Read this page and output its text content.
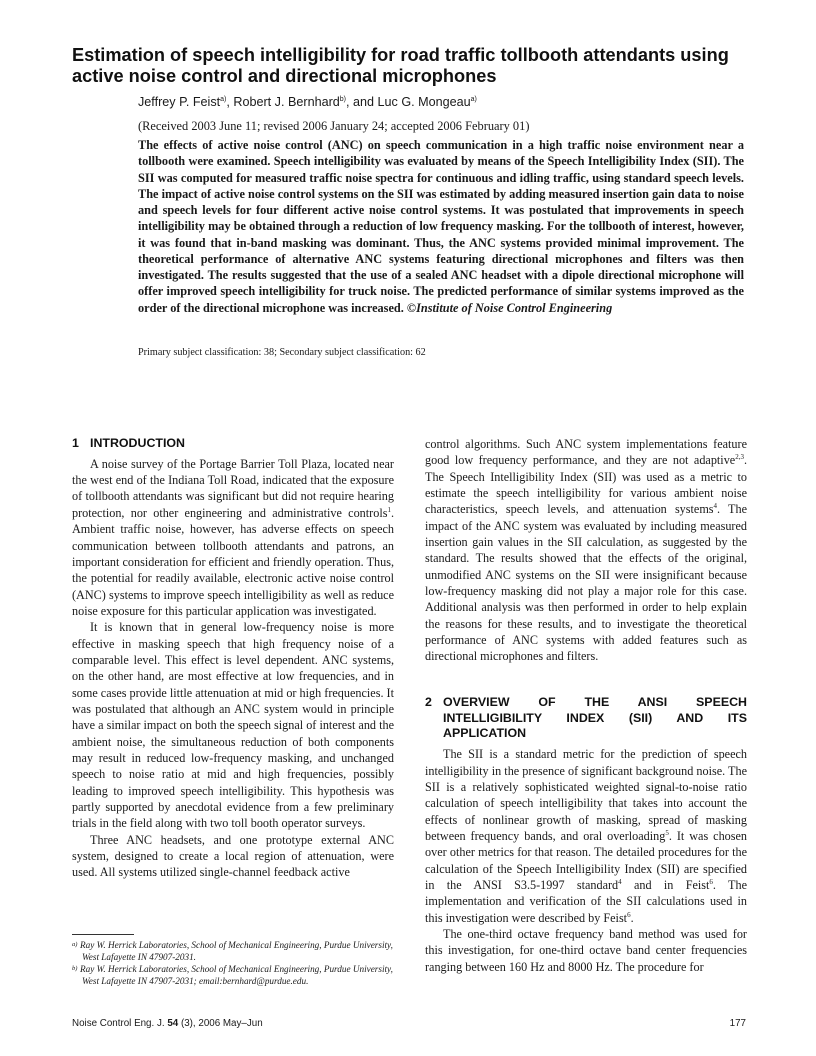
Estimation of speech intelligibility for road traffic tollbooth attendants using active noise control and directional microphones
Jeffrey P. Feist$^{a)}$, Robert J. Bernhard$^{b)}$, and Luc G. Mongeau$^{a)}$
(Received 2003 June 11; revised 2006 January 24; accepted 2006 February 01)
The effects of active noise control (ANC) on speech communication in a high traffic noise environment near a tollbooth were examined. Speech intelligibility was evaluated by means of the Speech Intelligibility Index (SII). The SII was computed for measured traffic noise spectra for continuous and idling traffic, using standard speech levels. The impact of active noise control systems on the SII was estimated by adding measured insertion gain data to noise and speech levels for four different active noise control systems. It was postulated that improvements in speech intelligibility may be obtained through a reduction of low frequency masking. For the tollbooth of interest, however, it was found that in-band masking was dominant. Thus, the ANC systems provided minimal improvement. The theoretical performance of alternative ANC systems featuring directional microphones and filters was then investigated. The results suggested that the use of a sealed ANC headset with a dipole directional microphone will offer improved speech intelligibility for truck noise. The predicted performance of similar systems improved as the order of the directional microphone was increased. ©Institute of Noise Control Engineering
Primary subject classification: 38; Secondary subject classification: 62
1 INTRODUCTION

A noise survey of the Portage Barrier Toll Plaza, located near the west end of the Indiana Toll Road, indicated that the exposure of tollbooth attendants was significant but did not require hearing protection, nor other engineering and administrative controls$^1$. Ambient traffic noise, however, has adverse effects on speech communication between tollbooth attendants and patrons, an important consideration for efficient and friendly operation. Thus, the potential for readily available, electronic active noise control (ANC) systems to improve speech intelligibility as well as reduce noise exposure for this particular application was investigated.

It is known that in general low-frequency noise is more effective in masking speech that high frequency noise of a comparable level. This effect is level dependent. ANC systems, on the other hand, are most effective at low frequencies, and in some cases provide little attenuation at mid or high frequencies. It was postulated that although an ANC system would in principle have a similar impact on both the speech signal of interest and the ambient noise, the simultaneous reduction of both components may result in reduced low-frequency masking, and unchanged speech to noise ratio at mid and high frequencies, possibly leading to improved speech intelligibility. This hypothesis was partly supported by anecdotal evidence from a few preliminary trials in the field along with two toll booth operator surveys.

Three ANC headsets, and one prototype external ANC system, designed to create a local region of attenuation, were used. All systems utilized single-channel feedback active

control algorithms. Such ANC system implementations feature good low frequency performance, and they are not adaptive$^{2,3}$. The Speech Intelligibility Index (SII) was used as a metric to estimate the speech intelligibility for various ambient noise characteristics, speech levels, and attenuation systems$^4$. The impact of the ANC system was evaluated by including measured insertion gain values in the SII calculation, as suggested by the standard. The results showed that the effects of the original, unmodified ANC systems on the SII were insignificant because low-frequency masking did not play a major role for this case. Additional analysis was then performed in order to help explain the reasons for these results, and to investigate the theoretical performance of ANC systems with added features such as directional microphones and filters.

2 OVERVIEW OF THE ANSI SPEECH INTELLIGIBILITY INDEX (SII) AND ITS APPLICATION

The SII is a standard metric for the prediction of speech intelligibility in the presence of significant background noise. The SII is a relatively sophisticated weighted signal-to-noise ratio calculation of speech intelligibility that takes into account the effects of nonlinear growth of masking, spread of masking between frequency bands, and oral overloading$^5$. It was chosen over other metrics for that reason. The detailed procedures for the calculation of the Speech Intelligibility Index (SII) are specified in the ANSI S3.5-1997 standard$^4$ and in Feist$^6$. The implementation and verification of the SII calculations used in this investigation were described by Feist$^6$.

The one-third octave frequency band method was used for this investigation, for one-third octave band center frequencies ranging between 160 Hz and 8000 Hz. The procedure for

a) Ray W. Herrick Laboratories, School of Mechanical Engineering, Purdue University, West Lafayette IN 47907-2031.
b) Ray W. Herrick Laboratories, School of Mechanical Engineering, Purdue University, West Lafayette IN 47907-2031; email:bernhard@purdue.edu.
Noise Control Eng. J. 54 (3), 2006 May–Jun	177
